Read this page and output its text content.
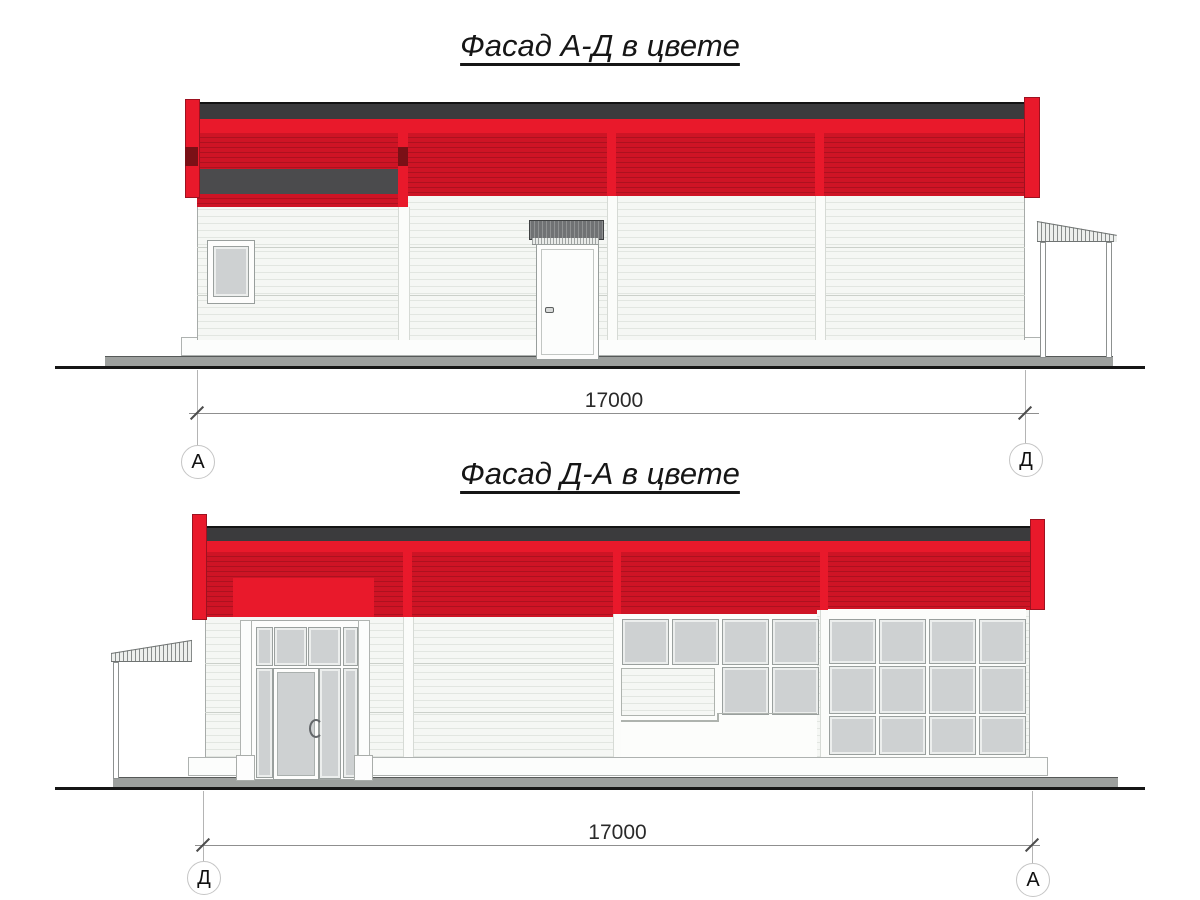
Фасад А-Д в цвете
17000
А	Д
Фасад Д-А в цвете
17000
Д	А
